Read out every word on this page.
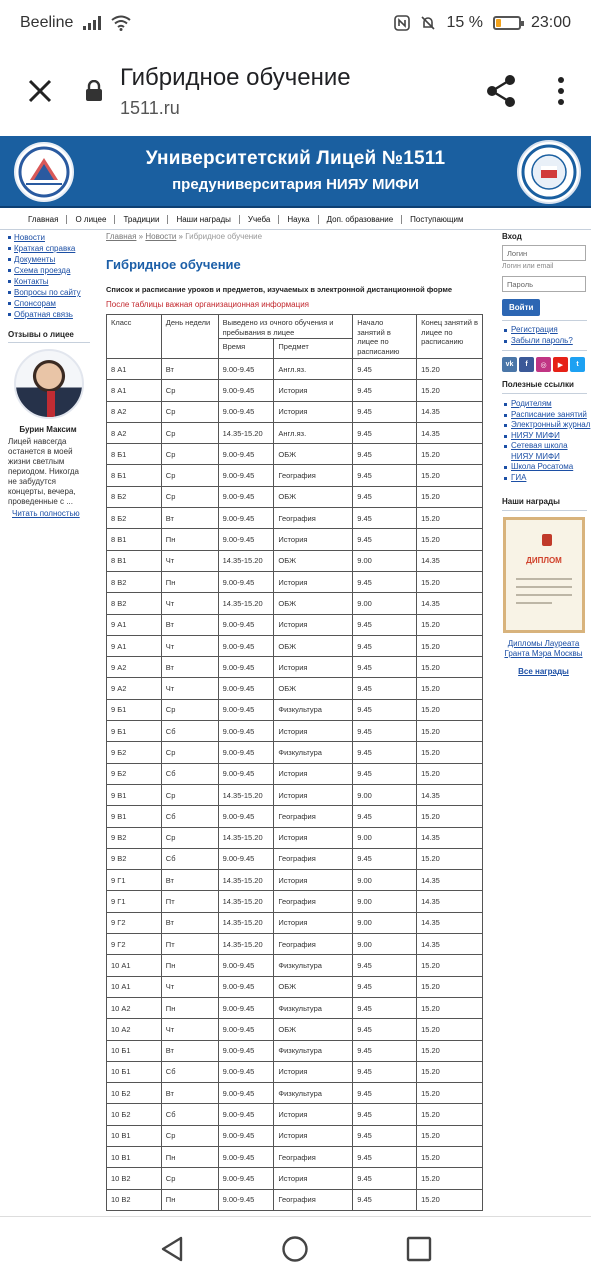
Beeline	15 %	23:00
Гибридное обучение
1511.ru
Университетский Лицей №1511
предуниверситария НИЯУ МИФИ
Главная	О лицее	Традиции	Наши награды	Учеба	Наука	Доп. образование	Поступающим
Новости
Краткая справка
Документы
Схема проезда
Контакты
Вопросы по сайту
Спонсорам
Обратная связь
Отзывы о лицее
Бурин Максим
Лицей навсегда останется в моей жизни светлым периодом. Никогда не забудутся концерты, вечера, проведенные с ...
Читать полностью
Главная » Новости » Гибридное обучение
Гибридное обучение
Список и расписание уроков и предметов, изучаемых в электронной дистанционной форме
После таблицы важная организационная информация
Класс	День недели	Выведено из очного обучения и пребывания в лицее		Начало занятий в лицее по расписанию	Конец занятий в лицее по расписанию
		Время	Предмет		
8 А1	Вт	9.00-9.45	Англ.яз.	9.45	15.20
8 А1	Ср	9.00-9.45	История	9.45	15.20
8 А2	Ср	9.00-9.45	История	9.45	14.35
8 А2	Ср	14.35-15.20	Англ.яз.	9.45	14.35
8 Б1	Ср	9.00-9.45	ОБЖ	9.45	15.20
8 Б1	Ср	9.00-9.45	География	9.45	15.20
8 Б2	Ср	9.00-9.45	ОБЖ	9.45	15.20
8 Б2	Вт	9.00-9.45	География	9.45	15.20
8 В1	Пн	9.00-9.45	История	9.45	15.20
8 В1	Чт	14.35-15.20	ОБЖ	9.00	14.35
8 В2	Пн	9.00-9.45	История	9.45	15.20
8 В2	Чт	14.35-15.20	ОБЖ	9.00	14.35
9 А1	Вт	9.00-9.45	История	9.45	15.20
9 А1	Чт	9.00-9.45	ОБЖ	9.45	15.20
9 А2	Вт	9.00-9.45	История	9.45	15.20
9 А2	Чт	9.00-9.45	ОБЖ	9.45	15.20
9 Б1	Ср	9.00-9.45	Физкультура	9.45	15.20
9 Б1	Сб	9.00-9.45	История	9.45	15.20
9 Б2	Ср	9.00-9.45	Физкультура	9.45	15.20
9 Б2	Сб	9.00-9.45	История	9.45	15.20
9 В1	Ср	14.35-15.20	История	9.00	14.35
9 В1	Сб	9.00-9.45	География	9.45	15.20
9 В2	Ср	14.35-15.20	История	9.00	14.35
9 В2	Сб	9.00-9.45	География	9.45	15.20
9 Г1	Вт	14.35-15.20	История	9.00	14.35
9 Г1	Пт	14.35-15.20	География	9.00	14.35
9 Г2	Вт	14.35-15.20	История	9.00	14.35
9 Г2	Пт	14.35-15.20	География	9.00	14.35
10 А1	Пн	9.00-9.45	Физкультура	9.45	15.20
10 А1	Чт	9.00-9.45	ОБЖ	9.45	15.20
10 А2	Пн	9.00-9.45	Физкультура	9.45	15.20
10 А2	Чт	9.00-9.45	ОБЖ	9.45	15.20
10 Б1	Вт	9.00-9.45	Физкультура	9.45	15.20
10 Б1	Сб	9.00-9.45	История	9.45	15.20
10 Б2	Вт	9.00-9.45	Физкультура	9.45	15.20
10 Б2	Сб	9.00-9.45	История	9.45	15.20
10 В1	Ср	9.00-9.45	История	9.45	15.20
10 В1	Пн	9.00-9.45	География	9.45	15.20
10 В2	Ср	9.00-9.45	История	9.45	15.20
10 В2	Пн	9.00-9.45	География	9.45	15.20
Вход
Логин
Логин или email
Пароль
Войти
Регистрация
Забыли пароль?
vk	f	◎	▶	t
Полезные ссылки
Родителям
Расписание занятий
Электронный журнал
НИЯУ МИФИ
Сетевая школа НИЯУ МИФИ
Школа Росатома
ГИА
Наши награды
ДИПЛОМ
Дипломы Лауреата Гранта Мэра Москвы
Все награды
